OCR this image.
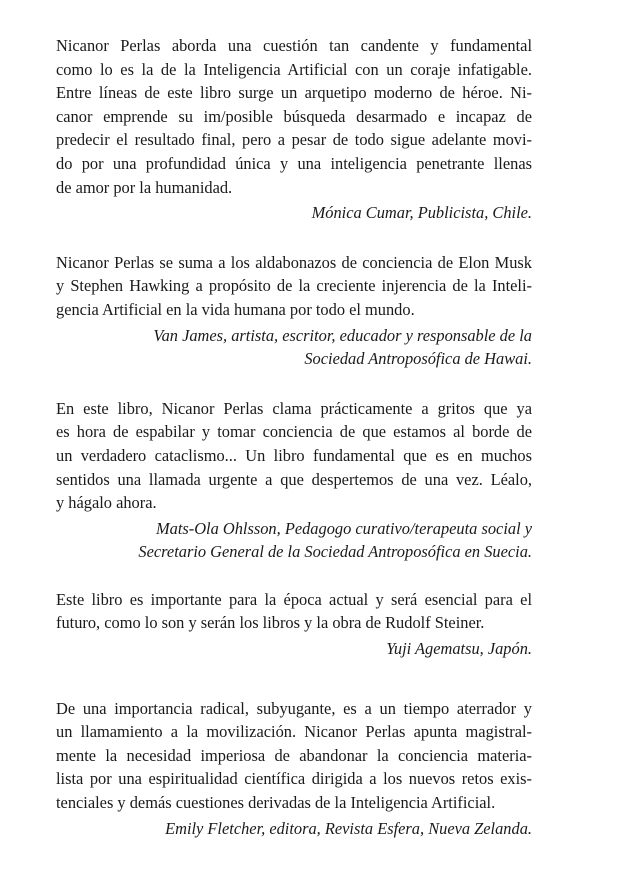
Nicanor Perlas aborda una cuestión tan candente y fundamental
como lo es la de la Inteligencia Artificial con un coraje infatigable.
Entre líneas de este libro surge un arquetipo moderno de héroe. Ni-
canor emprende su im/posible búsqueda desarmado e incapaz de
predecir el resultado final, pero a pesar de todo sigue adelante movi-
do por una profundidad única y una inteligencia penetrante llenas
de amor por la humanidad.

Mónica Cumar, Publicista, Chile.

Nicanor Perlas se suma a los aldabonazos de conciencia de Elon Musk
y Stephen Hawking a propósito de la creciente injerencia de la Inteli-
gencia Artificial en la vida humana por todo el mundo.

Van James, artista, escritor, educador y responsable de la
Sociedad Antroposófica de Hawai.

En este libro, Nicanor Perlas clama prácticamente a gritos que ya
es hora de espabilar y tomar conciencia de que estamos al borde de
un verdadero cataclismo... Un libro fundamental que es en muchos
sentidos una llamada urgente a que despertemos de una vez. Léalo,
y hágalo ahora.

Mats-Ola Ohlsson, Pedagogo curativo/terapeuta social y
Secretario General de la Sociedad Antroposófica en Suecia.

Este libro es importante para la época actual y será esencial para el
futuro, como lo son y serán los libros y la obra de Rudolf Steiner.

Yuji Agematsu, Japón.

De una importancia radical, subyugante, es a un tiempo aterrador y
un llamamiento a la movilización. Nicanor Perlas apunta magistral-
mente la necesidad imperiosa de abandonar la conciencia materia-
lista por una espiritualidad científica dirigida a los nuevos retos exis-
tenciales y demás cuestiones derivadas de la Inteligencia Artificial.

Emily Fletcher, editora, Revista Esfera, Nueva Zelanda.
